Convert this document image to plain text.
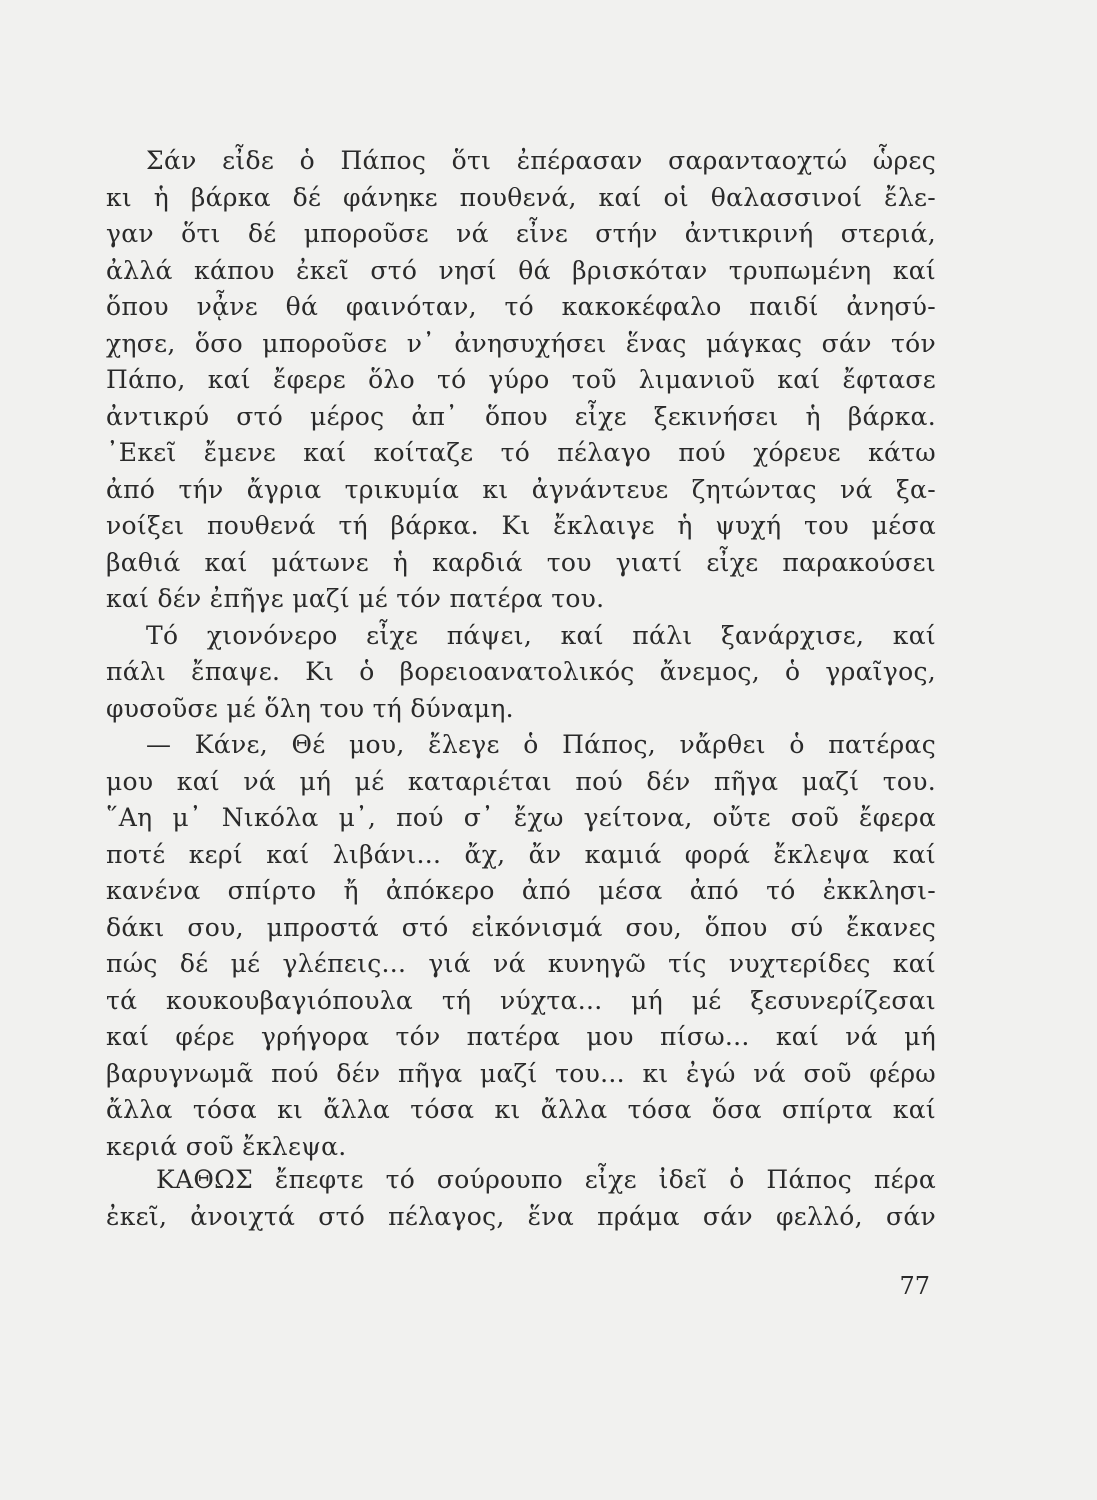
Σάν εἶδε ὁ Πάπος ὅτι ἐπέρασαν σαρανταοχτώ ὧρες
κι ἡ βάρκα δέ φάνηκε πουθενά, καί οἱ θαλασσινοί ἔλε-
γαν ὅτι δέ μποροῦσε νά εἶνε στήν ἀντικρινή στεριά,
ἀλλά κάπου ἐκεῖ στό νησί θά βρισκόταν τρυπωμένη καί
ὅπου νᾆνε θά φαινόταν, τό κακοκέφαλο παιδί ἀνησύ-
χησε, ὅσο μποροῦσε ν᾽ ἀνησυχήσει ἕνας μάγκας σάν τόν
Πάπο, καί ἔφερε ὅλο τό γύρο τοῦ λιμανιοῦ καί ἔφτασε
ἀντικρύ στό μέρος ἀπ᾽ ὅπου εἶχε ξεκινήσει ἡ βάρκα.
᾽Εκεῖ ἔμενε καί κοίταζε τό πέλαγο πού χόρευε κάτω
ἀπό τήν ἄγρια τρικυμία κι ἀγνάντευε ζητώντας νά ξα-
νοίξει πουθενά τή βάρκα. Κι ἔκλαιγε ἡ ψυχή του μέσα
βαθιά καί μάτωνε ἡ καρδιά του γιατί εἶχε παρακούσει
καί δέν ἐπῆγε μαζί μέ τόν πατέρα του.
Τό χιονόνερο εἶχε πάψει, καί πάλι ξανάρχισε, καί
πάλι ἔπαψε. Κι ὁ βορειοανατολικός ἄνεμος, ὁ γραῖγος,
φυσοῦσε μέ ὅλη του τή δύναμη.
— Κάνε, Θέ μου, ἔλεγε ὁ Πάπος, νἄρθει ὁ πατέρας
μου καί νά μή μέ καταριέται πού δέν πῆγα μαζί του.
῞Αη μ᾽ Νικόλα μ᾽, πού σ᾽ ἔχω γείτονα, οὔτε σοῦ ἔφερα
ποτέ κερί καί λιβάνι... ἄχ, ἄν καμιά φορά ἔκλεψα καί
κανένα σπίρτο ἤ ἀπόκερο ἀπό μέσα ἀπό τό ἐκκλησι-
δάκι σου, μπροστά στό εἰκόνισμά σου, ὅπου σύ ἔκανες
πώς δέ μέ γλέπεις... γιά νά κυνηγῶ τίς νυχτερίδες καί
τά κουκουβαγιόπουλα τή νύχτα... μή μέ ξεσυνερίζεσαι
καί φέρε γρήγορα τόν πατέρα μου πίσω... καί νά μή
βαρυγνωμᾶ πού δέν πῆγα μαζί του... κι ἐγώ νά σοῦ φέρω
ἄλλα τόσα κι ἄλλα τόσα κι ἄλλα τόσα ὅσα σπίρτα καί
κεριά σοῦ ἔκλεψα.
ΚΑΘΩΣ ἔπεφτε τό σούρουπο εἶχε ἰδεῖ ὁ Πάπος πέρα
ἐκεῖ, ἀνοιχτά στό πέλαγος, ἕνα πράμα σάν φελλό, σάν
77
